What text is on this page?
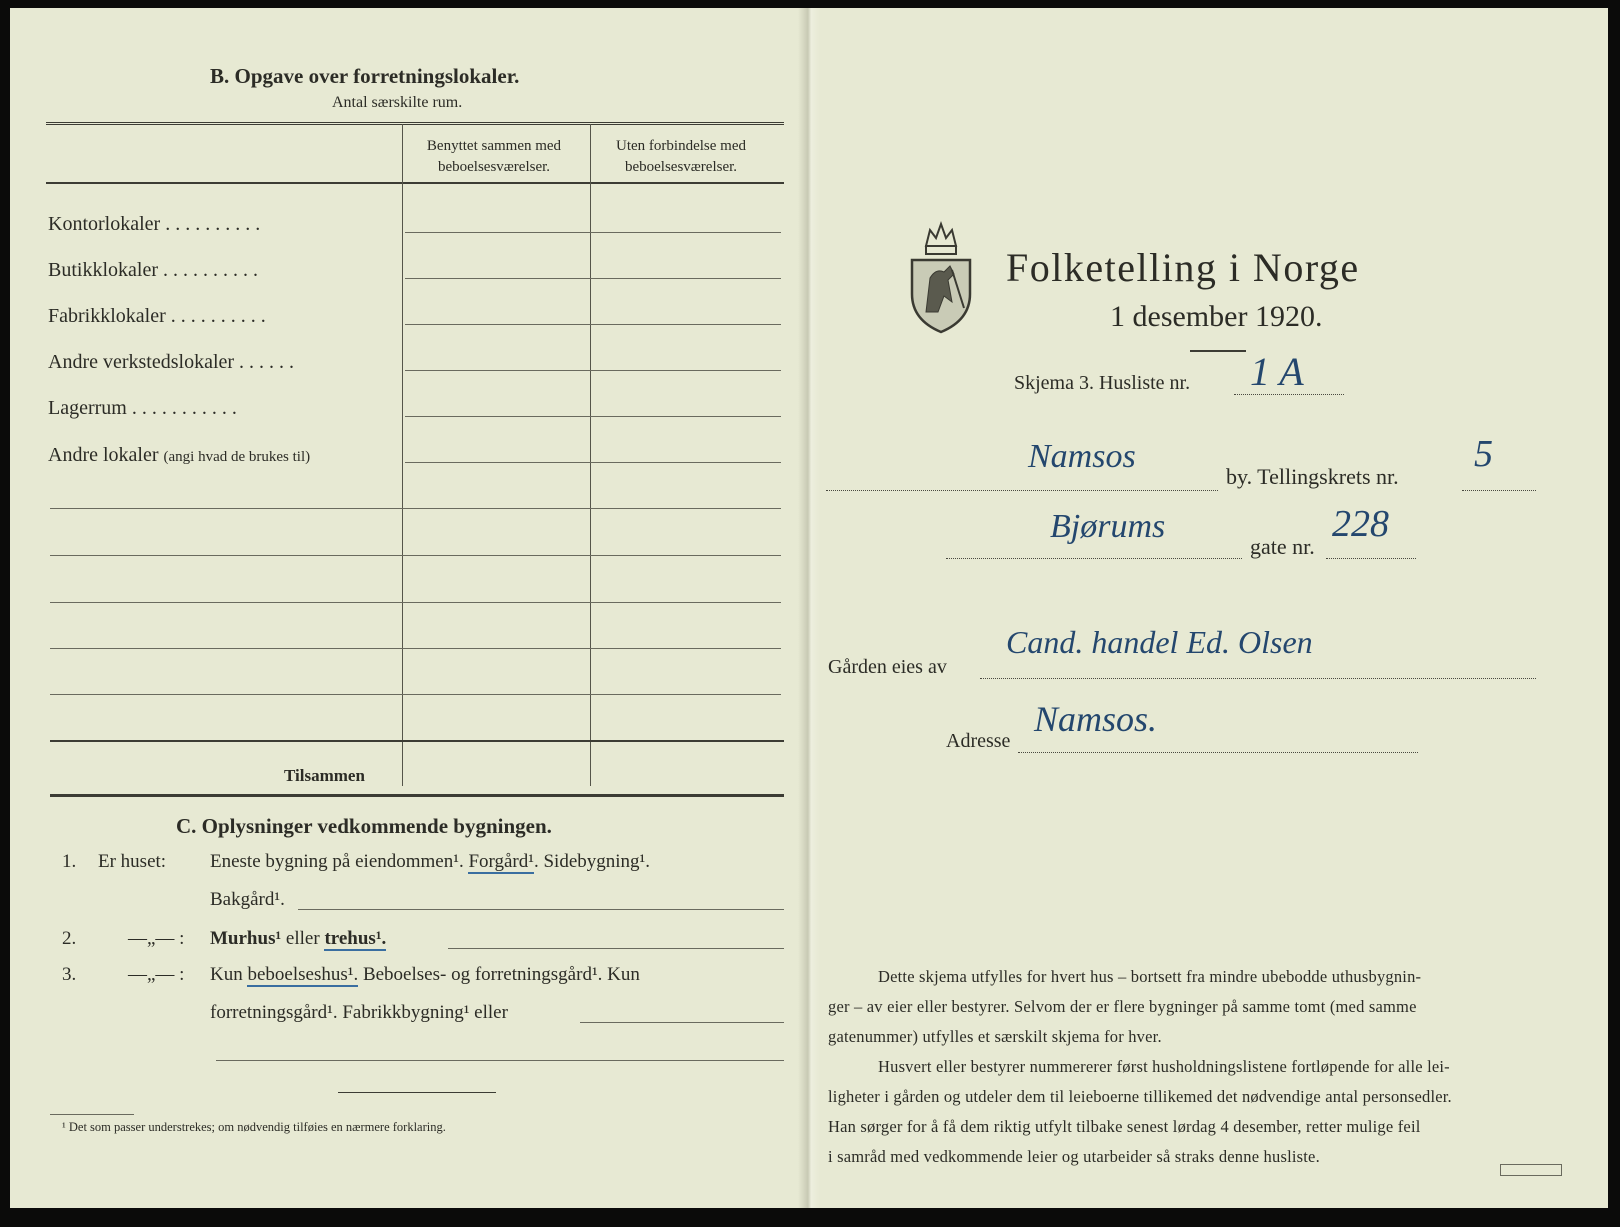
B. Opgave over forretningslokaler.
Antal særskilte rum.
Benyttet sammen med
beboelsesværelser.
Uten forbindelse med
beboelsesværelser.
Kontorlokaler . . . . . . . . . .
Butikklokaler . . . . . . . . . .
Fabrikklokaler . . . . . . . . . .
Andre verkstedslokaler . . . . . .
Lagerrum . . . . . . . . . . .
Andre lokaler (angi hvad de brukes til)
Tilsammen
C. Oplysninger vedkommende bygningen.
1. Er huset: Eneste bygning på eiendommen¹. Forgård¹. Sidebygning¹.
Bakgård¹.
2.	—„— : Murhus¹ eller trehus¹.
3.	—„— : Kun beboelseshus¹. Beboelses- og forretningsgård¹. Kun
forretningsgård¹. Fabrikkbygning¹ eller
¹ Det som passer understrekes; om nødvendig tilføies en nærmere forklaring.
Folketelling i Norge
1 desember 1920.
Skjema 3. Husliste nr. 1 A
Namsos
by. Tellingskrets nr.
5
Bjørums
gate nr.
228
Gården eies av
Cand. handel Ed. Olsen
Adresse
Namsos.
Dette skjema utfylles for hvert hus – bortsett fra mindre ubebodde uthusbygnin-
ger – av eier eller bestyrer. Selvom der er flere bygninger på samme tomt (med samme
gatenummer) utfylles et særskilt skjema for hver.
Husvert eller bestyrer nummererer først husholdningslistene fortløpende for alle lei-
ligheter i gården og utdeler dem til leieboerne tillikemed det nødvendige antal personsedler.
Han sørger for å få dem riktig utfylt tilbake senest lørdag 4 desember, retter mulige feil
i samråd med vedkommende leier og utarbeider så straks denne husliste.
